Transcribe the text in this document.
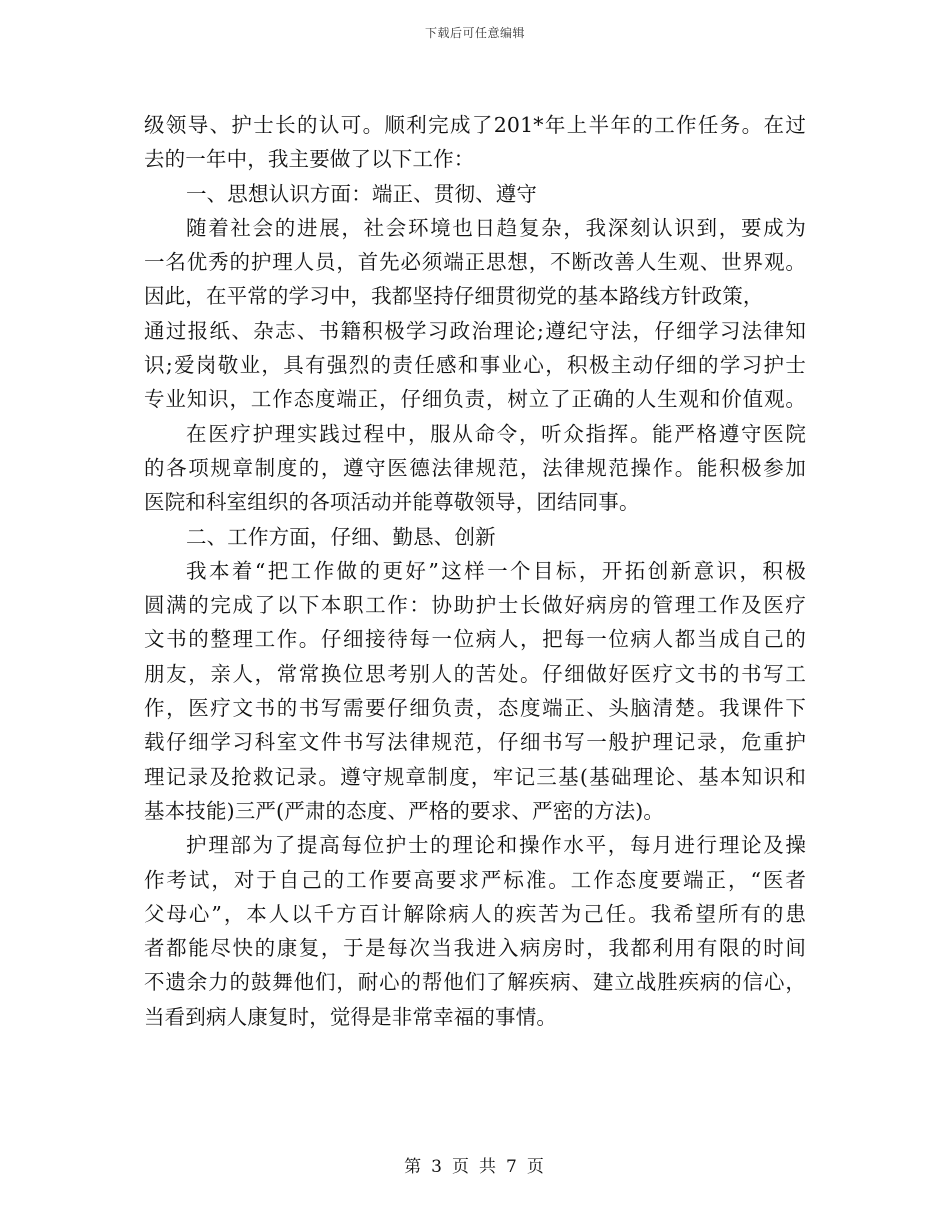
下载后可任意编辑
级领导、护士长的认可。顺利完成了201*年上半年的工作任务。在过
去的一年中，我主要做了以下工作：
一、思想认识方面：端正、贯彻、遵守
随着社会的进展，社会环境也日趋复杂，我深刻认识到，要成为
一名优秀的护理人员，首先必须端正思想，不断改善人生观、世界观。
因此，在平常的学习中，我都坚持仔细贯彻党的基本路线方针政策，
通过报纸、杂志、书籍积极学习政治理论;遵纪守法，仔细学习法律知
识;爱岗敬业，具有强烈的责任感和事业心，积极主动仔细的学习护士
专业知识，工作态度端正，仔细负责，树立了正确的人生观和价值观。
在医疗护理实践过程中，服从命令，听众指挥。能严格遵守医院
的各项规章制度的，遵守医德法律规范，法律规范操作。能积极参加
医院和科室组织的各项活动并能尊敬领导，团结同事。
二、工作方面，仔细、勤恳、创新
我本着“把工作做的更好”这样一个目标，开拓创新意识，积极
圆满的完成了以下本职工作：协助护士长做好病房的管理工作及医疗
文书的整理工作。仔细接待每一位病人，把每一位病人都当成自己的
朋友，亲人，常常换位思考别人的苦处。仔细做好医疗文书的书写工
作，医疗文书的书写需要仔细负责，态度端正、头脑清楚。我课件下
载仔细学习科室文件书写法律规范，仔细书写一般护理记录，危重护
理记录及抢救记录。遵守规章制度，牢记三基(基础理论、基本知识和
基本技能)三严(严肃的态度、严格的要求、严密的方法)。
护理部为了提高每位护士的理论和操作水平，每月进行理论及操
作考试，对于自己的工作要高要求严标准。工作态度要端正，“医者
父母心”，本人以千方百计解除病人的疾苦为己任。我希望所有的患
者都能尽快的康复，于是每次当我进入病房时，我都利用有限的时间
不遗余力的鼓舞他们，耐心的帮他们了解疾病、建立战胜疾病的信心，
当看到病人康复时，觉得是非常幸福的事情。
第 3 页 共 7 页
